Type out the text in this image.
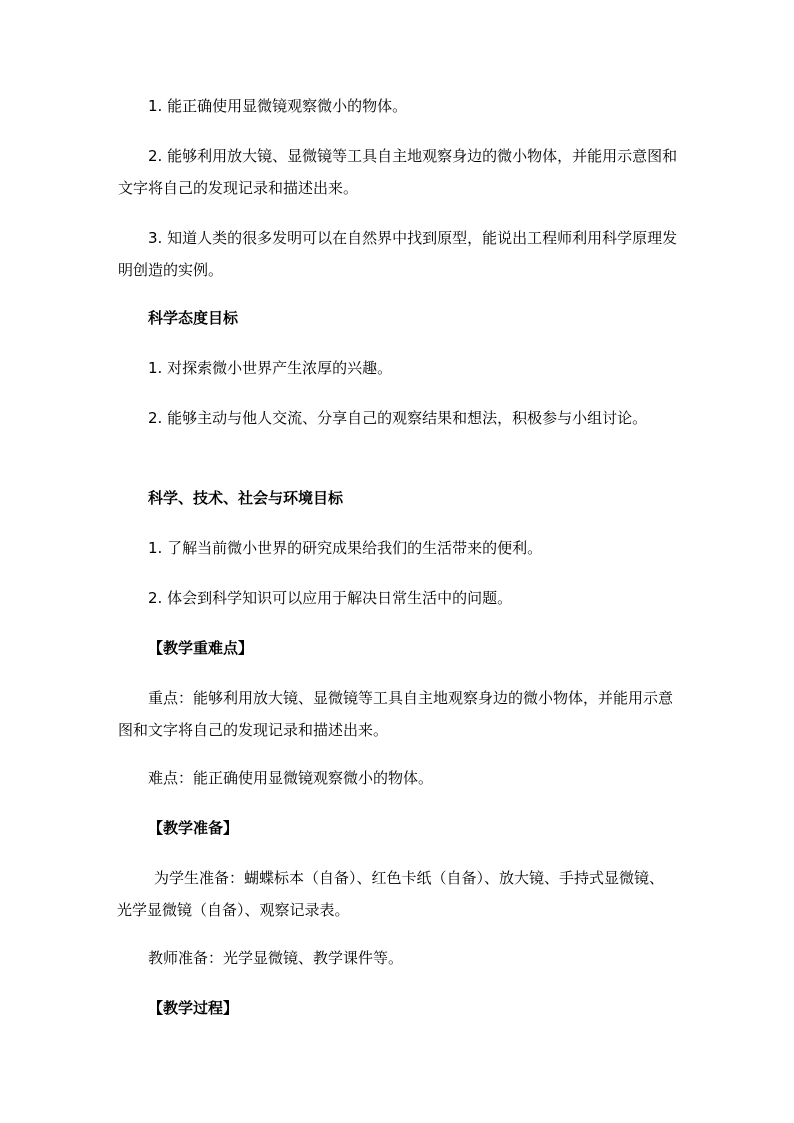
1. 能正确使用显微镜观察微小的物体。
2. 能够利用放大镜、显微镜等工具自主地观察身边的微小物体，并能用示意图和文字将自己的发现记录和描述出来。
3. 知道人类的很多发明可以在自然界中找到原型，能说出工程师利用科学原理发明创造的实例。
科学态度目标
1. 对探索微小世界产生浓厚的兴趣。
2. 能够主动与他人交流、分享自己的观察结果和想法，积极参与小组讨论。
科学、技术、社会与环境目标
1. 了解当前微小世界的研究成果给我们的生活带来的便利。
2. 体会到科学知识可以应用于解决日常生活中的问题。
【教学重难点】
重点：能够利用放大镜、显微镜等工具自主地观察身边的微小物体，并能用示意图和文字将自己的发现记录和描述出来。
难点：能正确使用显微镜观察微小的物体。
【教学准备】
为学生准备：蝴蝶标本（自备）、红色卡纸（自备）、放大镜、手持式显微镜、光学显微镜（自备）、观察记录表。
教师准备：光学显微镜、教学课件等。
【教学过程】
